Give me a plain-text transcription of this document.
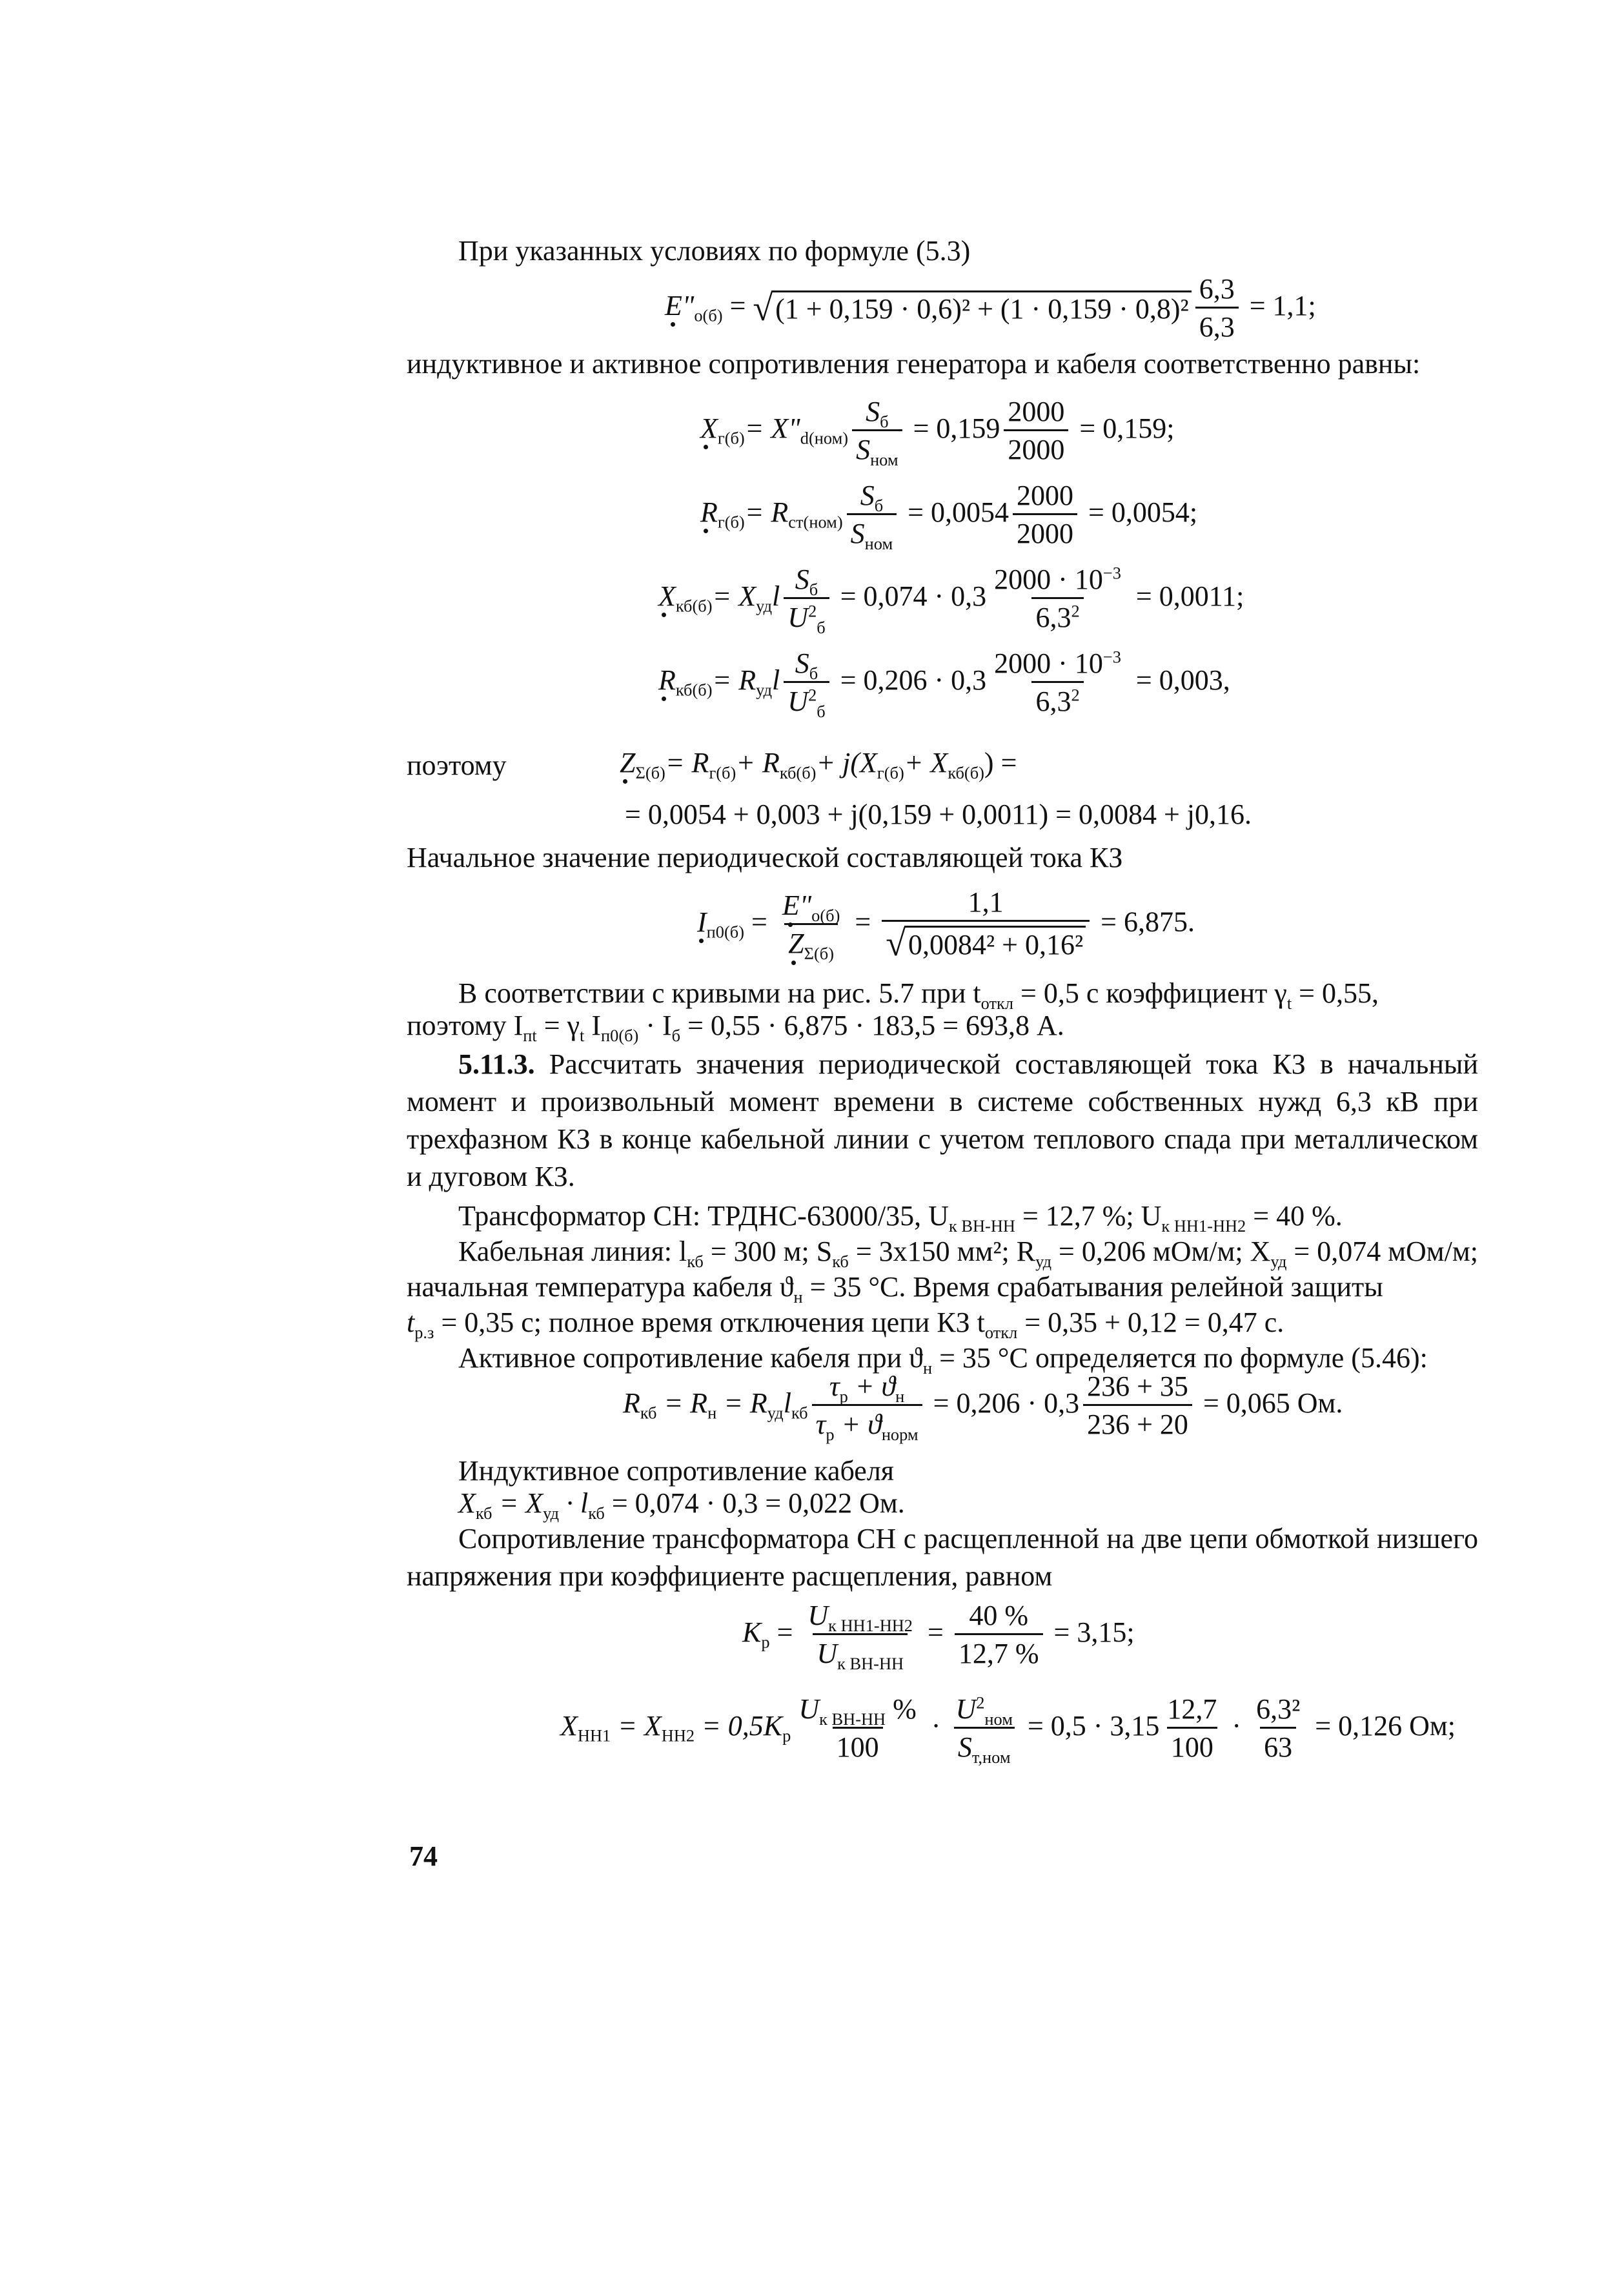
При указанных условиях по формуле (5.3)
$E"_{o(б)}$ = √ $(1 + 0,159 \cdot 0,6)^2 + (1 \cdot 0,159 \cdot 0,8)^2 \frac{6,3}{6,3} = 1,1$;
индуктивное и активное сопротивления генератора и кабеля соответственно равны:
$X_{г(б)}=$ $X"_{d(ном)} \frac{S_б}{S_{ном}} = 0,159 \frac{2000}{2000} = 0,159$;
$R_{г(б)}= R_{ст(ном)} \frac{S_б}{S_{ном}} = 0,0054 \frac{2000}{2000} = 0,0054$;
$X_{кб(б)}= X_{уд}l \frac{S_б}{U^2_б} = 0,074 \cdot 0,3 \frac{2000 \cdot 10^{-3}}{6,3^2} = 0,0011$;
$R_{кб(б)}= R_{уд}l \frac{S_б}{U^2_б} = 0,206 \cdot 0,3 \frac{2000 \cdot 10^{-3}}{6,3^2} = 0,003$,
поэтому	$Z_{\Sigma(б)}= R_{г(б)}+ R_{кб(б)}+ j(X_{г(б)}+ X_{кб(б)})$ =
= 0,0054 + 0,003 + j(0,159 + 0,0011) = 0,0084 + j0,16.
Начальное значение периодической составляющей тока КЗ
$I_{п0(б)} = \frac{E"_{o(б)}}{Z_{\Sigma(б)}} = \frac{1,1}{\text{√ 0,0084² + 0,16²}} = 6,875$.
В соответствии с кривыми на рис. 5.7 при $t_{откл} = 0,5$ с коэффициент $\gamma_t = 0,55$,
поэтому $I_{пt} = \gamma_t$ $I_{п0(б)} \cdot I_б = 0,55 \cdot 6,875 \cdot 183,5 = 693,8$ А.
5.11.3. Рассчитать значения периодической составляющей тока КЗ в начальный момент и произвольный момент времени в системе собственных нужд 6,3 кВ при трехфазном КЗ в конце кабельной линии с учетом теплового спада при металлическом и дуговом КЗ.
Трансформатор СН: ТРДНС-63000/35, $U_{к ВН-НН} = 12,7$ %; $U_{к НН1-НН2} = 40$ %.
Кабельная линия: $l_{кб} = 300$ м; $S_{кб} = 3х150$ мм²; $R_{уд} = 0,206$ мОм/м; $X_{уд} = 0,074$ мОм/м;
начальная температура кабеля $ϑ_н = 35$ °C. Время срабатывания релейной защиты
$t_{р.з} = 0,35$ с; полное время отключения цепи КЗ $t_{откл} = 0,35 + 0,12 = 0,47$ с.
Активное сопротивление кабеля при $ϑ_н = 35$ °C определяется по формуле (5.46):
$R_{кб} = R_н = R_{уд}l_{кб} \frac{\tau_р + ϑ_н}{\tau_р + ϑ_{норм}} = 0,206 \cdot 0,3 \frac{236 + 35}{236 + 20} = 0,065$ Ом.
Индуктивное сопротивление кабеля
$X_{кб} = X_{уд} \cdot l_{кб} = 0,074 \cdot 0,3 = 0,022$ Ом.
Сопротивление трансформатора СН с расщепленной на две цепи обмоткой низшего напряжения при коэффициенте расщепления, равном
$K_р = \frac{U_{к НН1-НН2}}{U_{к ВН-НН}} = \frac{40 \%}{12,7 \%} = 3,15$;
$X_{НН1} = X_{НН2} = 0,5K_р \frac{U_{к ВН-НН} \%}{100} \cdot \frac{U^2_{ном}}{S_{т,ном}} = 0,5 \cdot 3,15 \frac{12,7}{100} \cdot \frac{\text{6,3²}}{63} = 0,126$ Ом;
74
